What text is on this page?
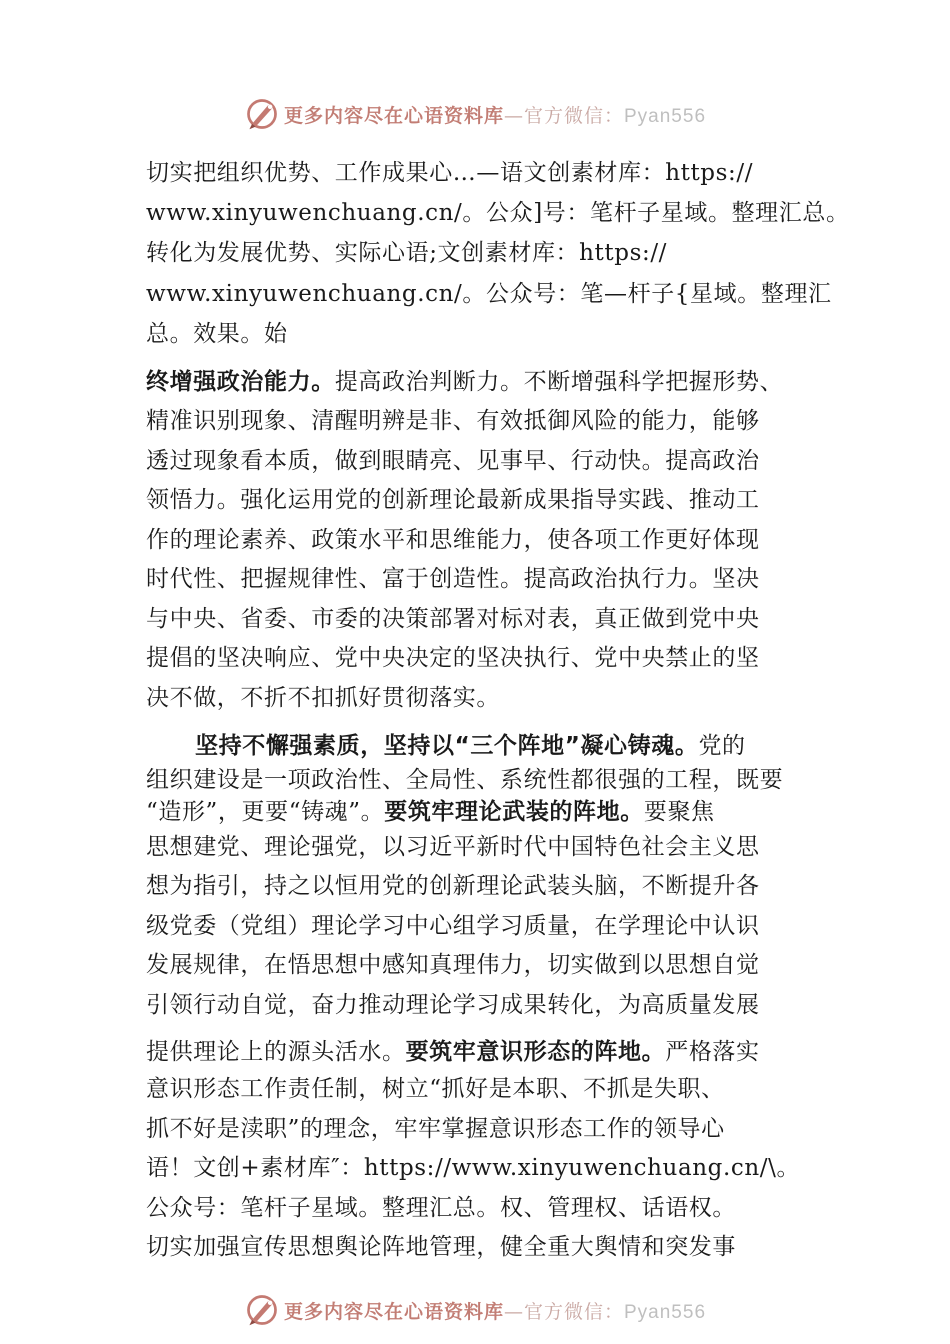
更多内容尽在心语资料库—官方微信：Pyan556
切实把组织优势、工作成果心…—语文创素材库：https://
www.xinyuwenchuang.cn/。公众]号：笔杆子星域。整理汇总。
转化为发展优势、实际心语;文创素材库：https://
www.xinyuwenchuang.cn/。公众号：笔—杆子{星域。整理汇
总。效果。始
终增强政治能力。提高政治判断力。不断增强科学把握形势、
精准识别现象、清醒明辨是非、有效抵御风险的能力，能够
透过现象看本质，做到眼睛亮、见事早、行动快。提高政治
领悟力。强化运用党的创新理论最新成果指导实践、推动工
作的理论素养、政策水平和思维能力，使各项工作更好体现
时代性、把握规律性、富于创造性。提高政治执行力。坚决
与中央、省委、市委的决策部署对标对表，真正做到党中央
提倡的坚决响应、党中央决定的坚决执行、党中央禁止的坚
决不做，不折不扣抓好贯彻落实。
坚持不懈强素质，坚持以“三个阵地”凝心铸魂。党的
组织建设是一项政治性、全局性、系统性都很强的工程，既要
“造形”，更要“铸魂”。要筑牢理论武装的阵地。要聚焦
思想建党、理论强党，以习近平新时代中国特色社会主义思
想为指引，持之以恒用党的创新理论武装头脑，不断提升各
级党委（党组）理论学习中心组学习质量，在学理论中认识
发展规律，在悟思想中感知真理伟力，切实做到以思想自觉
引领行动自觉，奋力推动理论学习成果转化，为高质量发展
提供理论上的源头活水。要筑牢意识形态的阵地。严格落实
意识形态工作责任制，树立“抓好是本职、不抓是失职、
抓不好是渎职”的理念，牢牢掌握意识形态工作的领导心
语！文创+素材库″：https://www.xinyuwenchuang.cn/\。
公众号：笔杆子星域。整理汇总。权、管理权、话语权。
切实加强宣传思想舆论阵地管理，健全重大舆情和突发事
更多内容尽在心语资料库—官方微信：Pyan556
